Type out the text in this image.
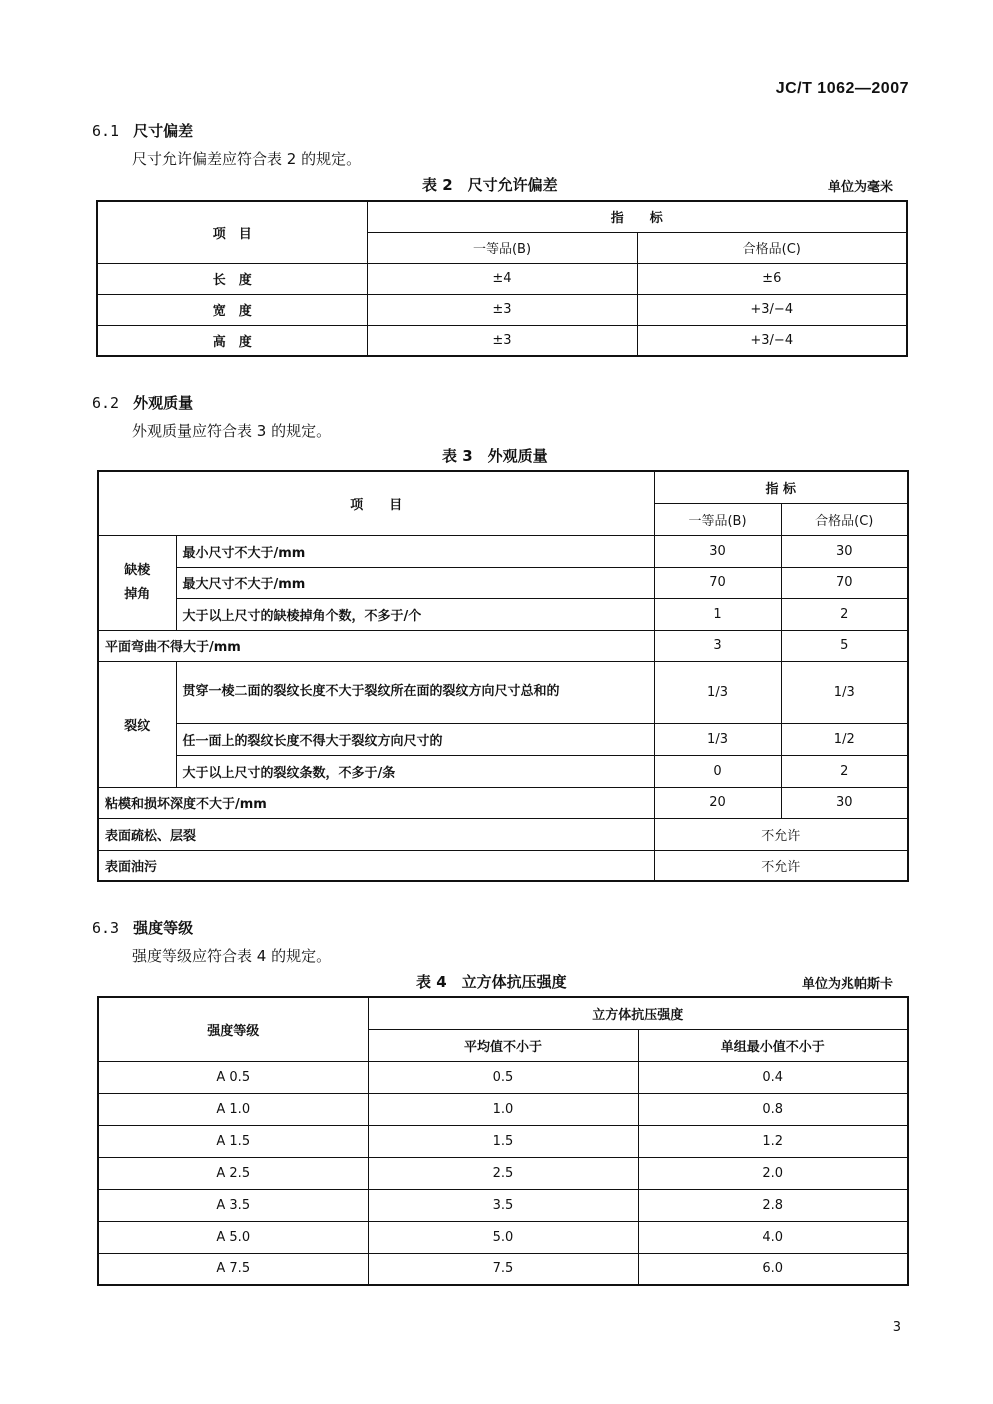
JC/T 1062—2007
6.1 尺寸偏差
尺寸允许偏差应符合表 2 的规定。
表 2　尺寸允许偏差	单位为毫米
项　目	指　　标	
	一等品(B)	合格品(C)
长　度	±4	±6
宽　度	±3	+3/−4
高　度	±3	+3/−4
6.2 外观质量
外观质量应符合表 3 的规定。
表 3　外观质量
项　　目		指 标	
		一等品(B)	合格品(C)
缺棱
掉角	最小尺寸不大于/mm	30	30
	最大尺寸不大于/mm	70	70
	大于以上尺寸的缺棱掉角个数，不多于/个	1	2
平面弯曲不得大于/mm		3	5
裂纹	贯穿一棱二面的裂纹长度不大于裂纹所在面的裂纹方向尺寸总和的	1/3	1/3
	任一面上的裂纹长度不得大于裂纹方向尺寸的	1/3	1/2
	大于以上尺寸的裂纹条数，不多于/条	0	2
粘模和损坏深度不大于/mm		20	30
表面疏松、层裂		不允许	
表面油污		不允许	
6.3 强度等级
强度等级应符合表 4 的规定。
表 4　立方体抗压强度	单位为兆帕斯卡
强度等级	立方体抗压强度	
	平均值不小于	单组最小值不小于
A 0.5	0.5	0.4
A 1.0	1.0	0.8
A 1.5	1.5	1.2
A 2.5	2.5	2.0
A 3.5	3.5	2.8
A 5.0	5.0	4.0
A 7.5	7.5	6.0
3
